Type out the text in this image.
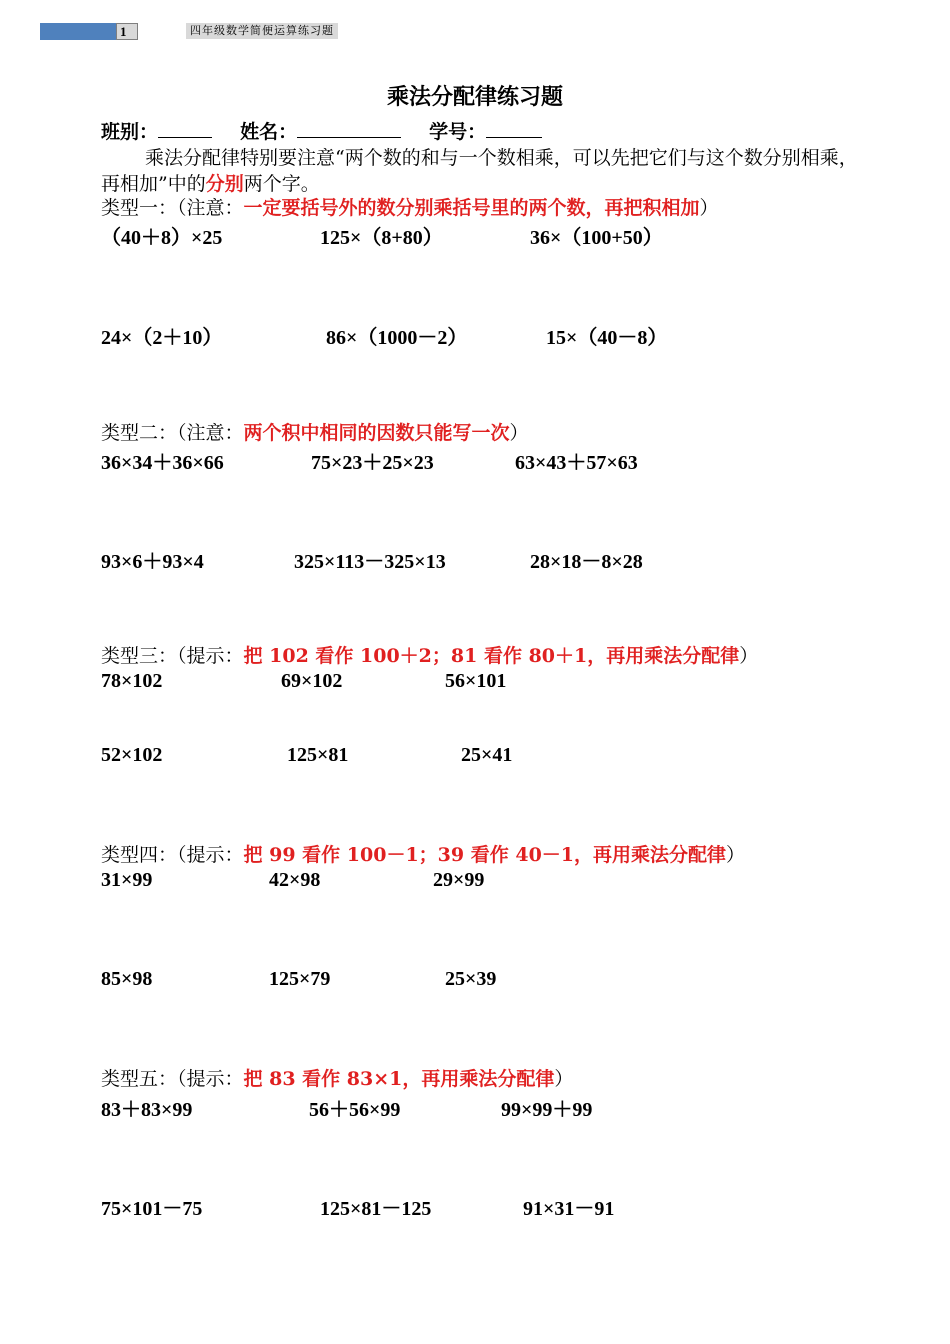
1	四年级数学简便运算练习题
乘法分配律练习题
班别：	姓名：	学号：
乘法分配律特别要注意“两个数的和与一个数相乘，可以先把它们与这个数分别相乘，再相加”中的分别两个字。
类型一：（注意：一定要括号外的数分别乘括号里的两个数，再把积相加）
（40＋8）×25	125×（8+80）	36×（100+50）
24×（2＋10）	86×（1000－2）	15×（40－8）
类型二：（注意：两个积中相同的因数只能写一次）
36×34＋36×66	75×23＋25×23	63×43＋57×63
93×6＋93×4	325×113－325×13	28×18－8×28
类型三：（提示：把 102 看作 100＋2；81 看作 80＋1，再用乘法分配律）
78×102	69×102	56×101
52×102	125×81	25×41
类型四：（提示：把 99 看作 100－1；39 看作 40－1，再用乘法分配律）
31×99	42×98	29×99
85×98	125×79	25×39
类型五：（提示：把 83 看作 83×1，再用乘法分配律）
83＋83×99	56＋56×99	99×99＋99
75×101－75	125×81－125	91×31－91
